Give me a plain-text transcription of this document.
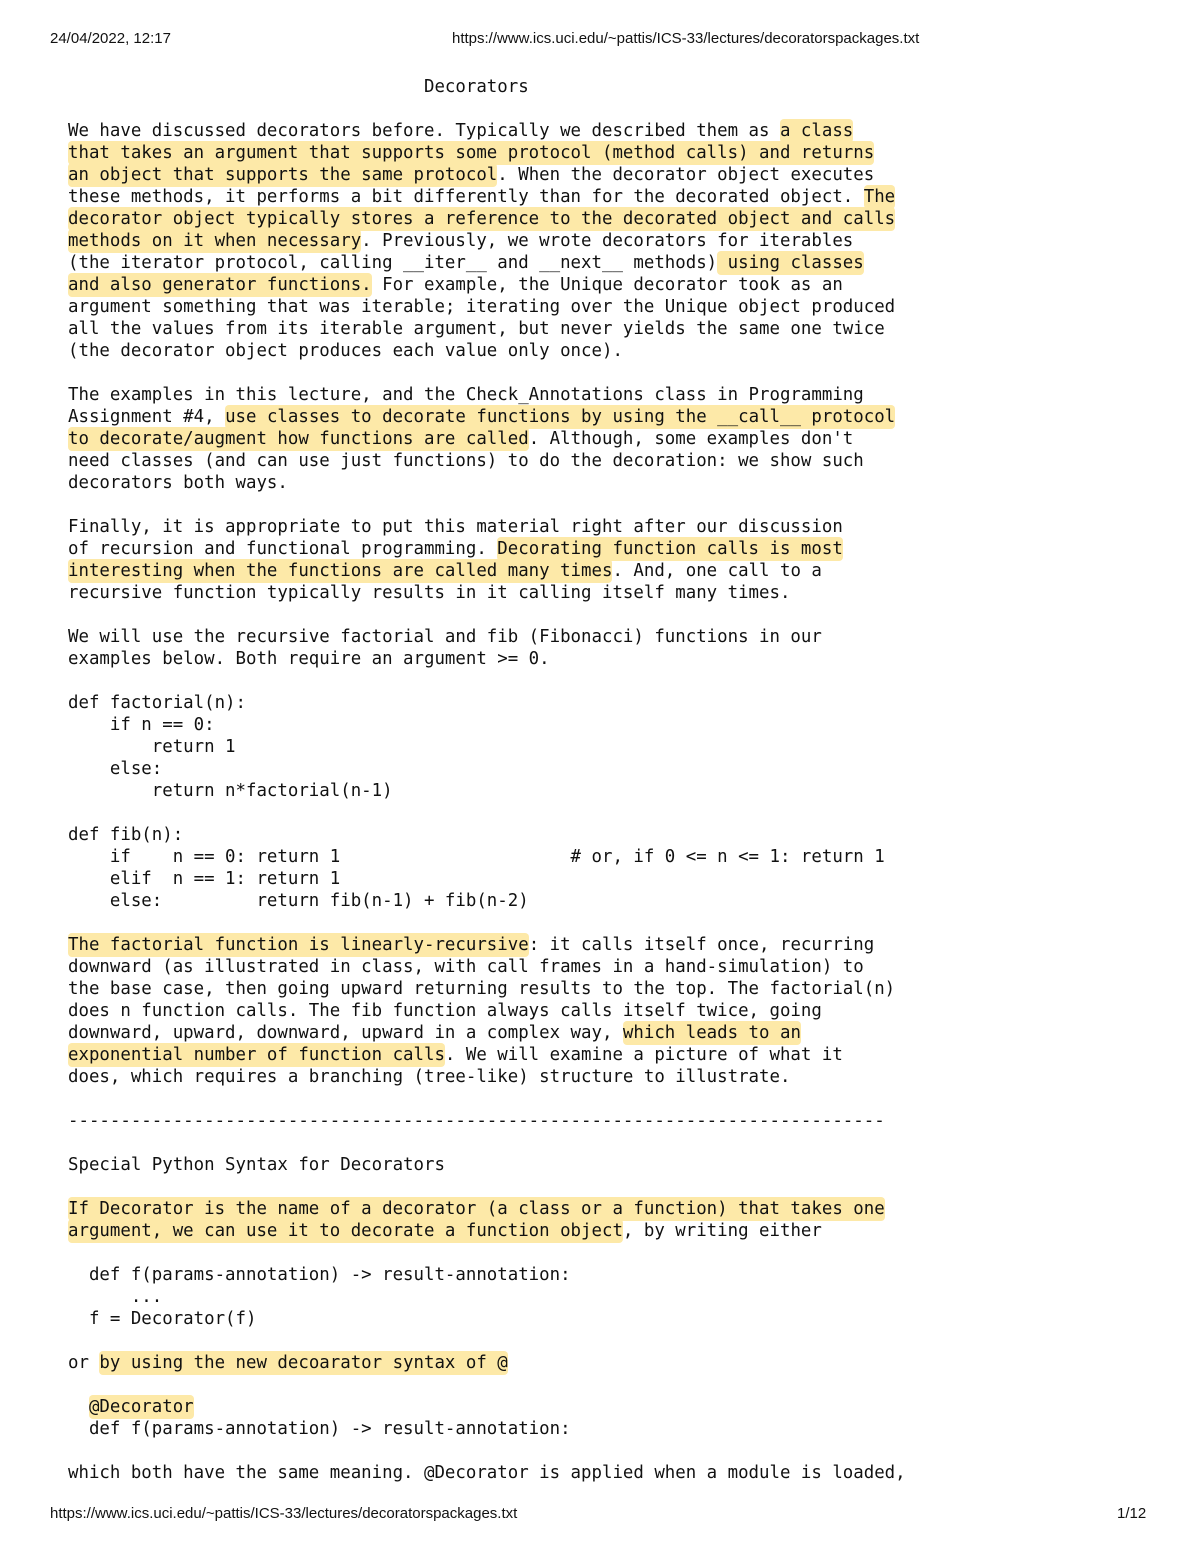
24/04/2022, 12:17	https://www.ics.uci.edu/~pattis/ICS-33/lectures/decoratorspackages.txt
Decorators
We have discussed decorators before. Typically we described them as a class
that takes an argument that supports some protocol (method calls) and returns
an object that supports the same protocol. When the decorator object executes
these methods, it performs a bit differently than for the decorated object. The
decorator object typically stores a reference to the decorated object and calls
methods on it when necessary. Previously, we wrote decorators for iterables
(the iterator protocol, calling __iter__ and __next__ methods) using classes
and also generator functions. For example, the Unique decorator took as an
argument something that was iterable; iterating over the Unique object produced
all the values from its iterable argument, but never yields the same one twice
(the decorator object produces each value only once).
The examples in this lecture, and the Check_Annotations class in Programming
Assignment #4, use classes to decorate functions by using the __call__ protocol
to decorate/augment how functions are called. Although, some examples don't
need classes (and can use just functions) to do the decoration: we show such
decorators both ways.
Finally, it is appropriate to put this material right after our discussion
of recursion and functional programming. Decorating function calls is most
interesting when the functions are called many times. And, one call to a
recursive function typically results in it calling itself many times.
We will use the recursive factorial and fib (Fibonacci) functions in our
examples below. Both require an argument >= 0.
def factorial(n):
if n == 0:
return 1
else:
return n*factorial(n-1)
def fib(n):
if    n == 0: return 1                      # or, if 0 <= n <= 1: return 1
elif  n == 1: return 1
else:         return fib(n-1) + fib(n-2)
The factorial function is linearly-recursive: it calls itself once, recurring
downward (as illustrated in class, with call frames in a hand-simulation) to
the base case, then going upward returning results to the top. The factorial(n)
does n function calls. The fib function always calls itself twice, going
downward, upward, downward, upward in a complex way, which leads to an
exponential number of function calls. We will examine a picture of what it
does, which requires a branching (tree-like) structure to illustrate.
------------------------------------------------------------------------------
Special Python Syntax for Decorators
If Decorator is the name of a decorator (a class or a function) that takes one
argument, we can use it to decorate a function object, by writing either
def f(params-annotation) -> result-annotation:
...
f = Decorator(f)
or by using the new decoarator syntax of @
@Decorator
def f(params-annotation) -> result-annotation:
which both have the same meaning. @Decorator is applied when a module is loaded,
https://www.ics.uci.edu/~pattis/ICS-33/lectures/decoratorspackages.txt	1/12
